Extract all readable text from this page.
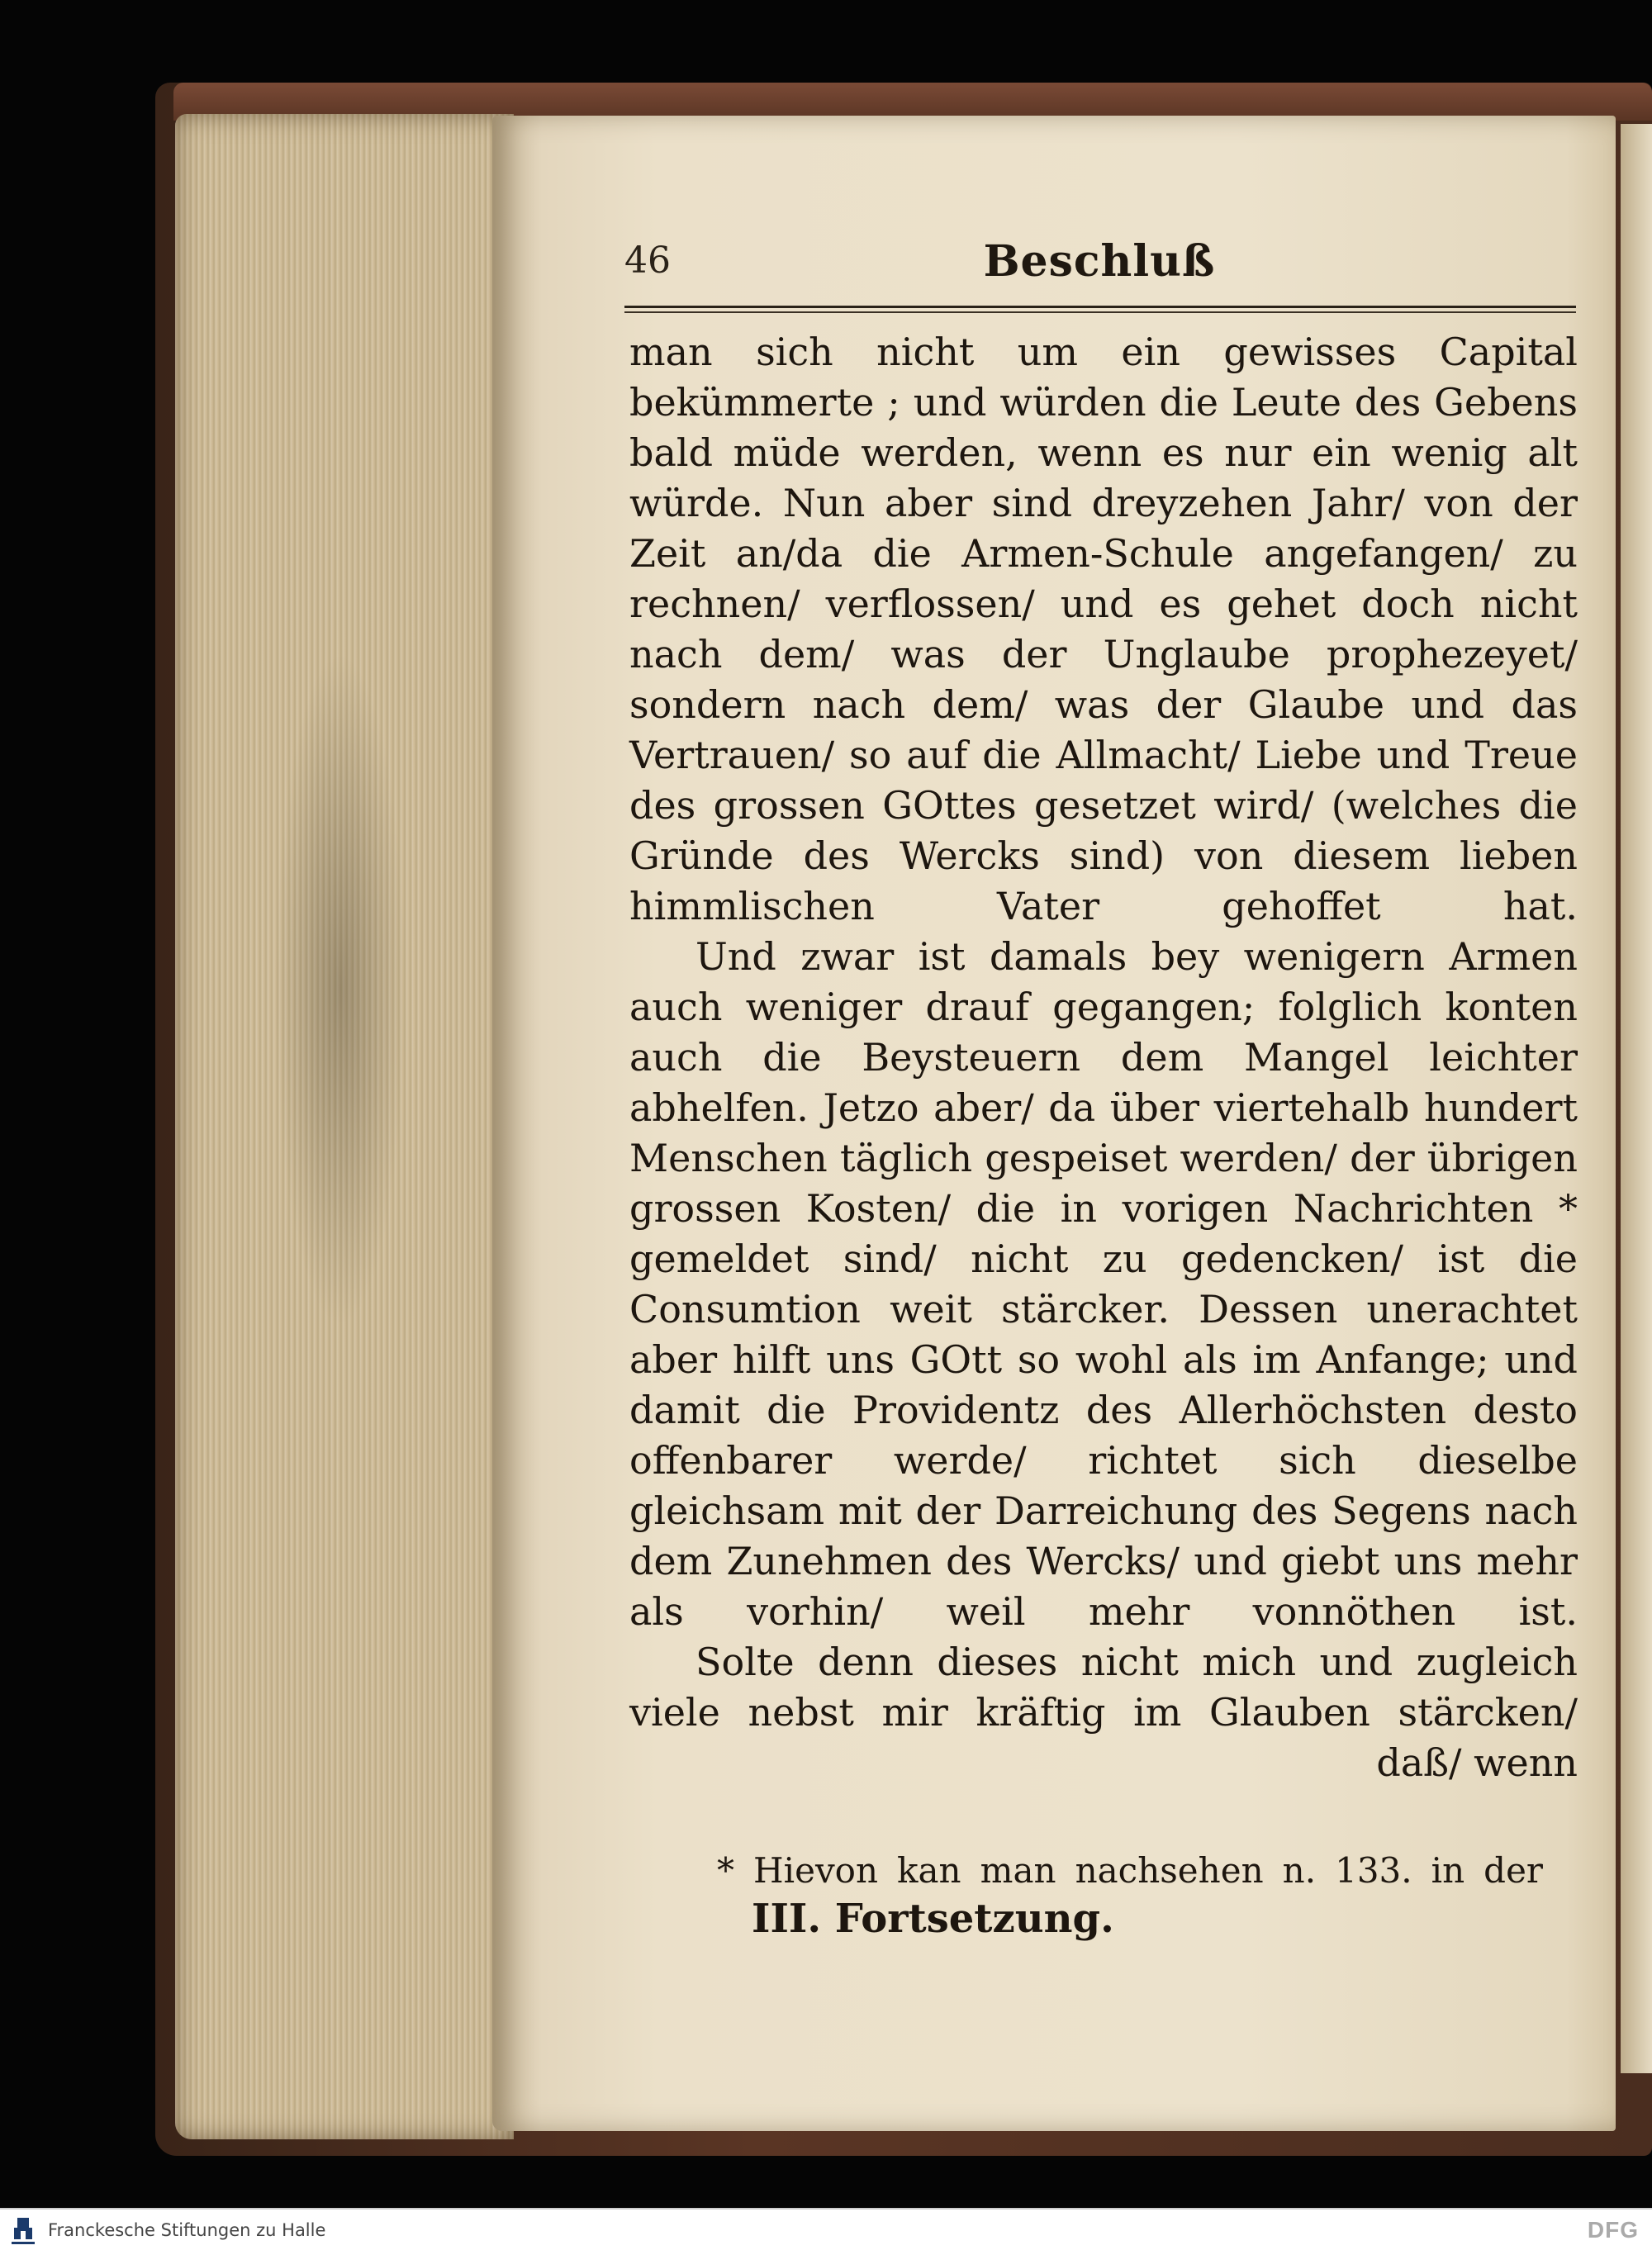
46	Beschluß

man sich nicht um ein gewisses Capital bekümmerte ; und würden die Leute des Gebens bald müde werden, wenn es nur ein wenig alt würde. Nun aber sind dreyzehen Jahr/ von der Zeit an/da die Armen-Schule angefangen/ zu rechnen/ verflossen/ und es gehet doch nicht nach dem/ was der Unglaube prophezeyet/ sondern nach dem/ was der Glaube und das Vertrauen/ so auf die Allmacht/ Liebe und Treue des grossen GOttes gesetzet wird/ (welches die Gründe des Wercks sind) von diesem lieben himmlischen Vater gehoffet hat.

Und zwar ist damals bey wenigern Armen auch weniger drauf gegangen; folglich konten auch die Beysteuern dem Mangel leichter abhelfen. Jetzo aber/ da über viertehalb hundert Menschen täglich gespeiset werden/ der übrigen grossen Kosten/ die in vorigen Nachrichten * gemeldet sind/ nicht zu gedencken/ ist die Consumtion weit stärcker. Dessen unerachtet aber hilft uns GOtt so wohl als im Anfange; und damit die Providentz des Allerhöchsten desto offenbarer werde/ richtet sich dieselbe gleichsam mit der Darreichung des Segens nach dem Zunehmen des Wercks/ und giebt uns mehr als vorhin/ weil mehr vonnöthen ist.

Solte denn dieses nicht mich und zugleich viele nebst mir kräftig im Glauben stärcken/ daß/ wenn

* Hievon kan man nachsehen n. 133. in der
III. Fortsetzung.
Franckesche Stiftungen zu Halle	DFG
